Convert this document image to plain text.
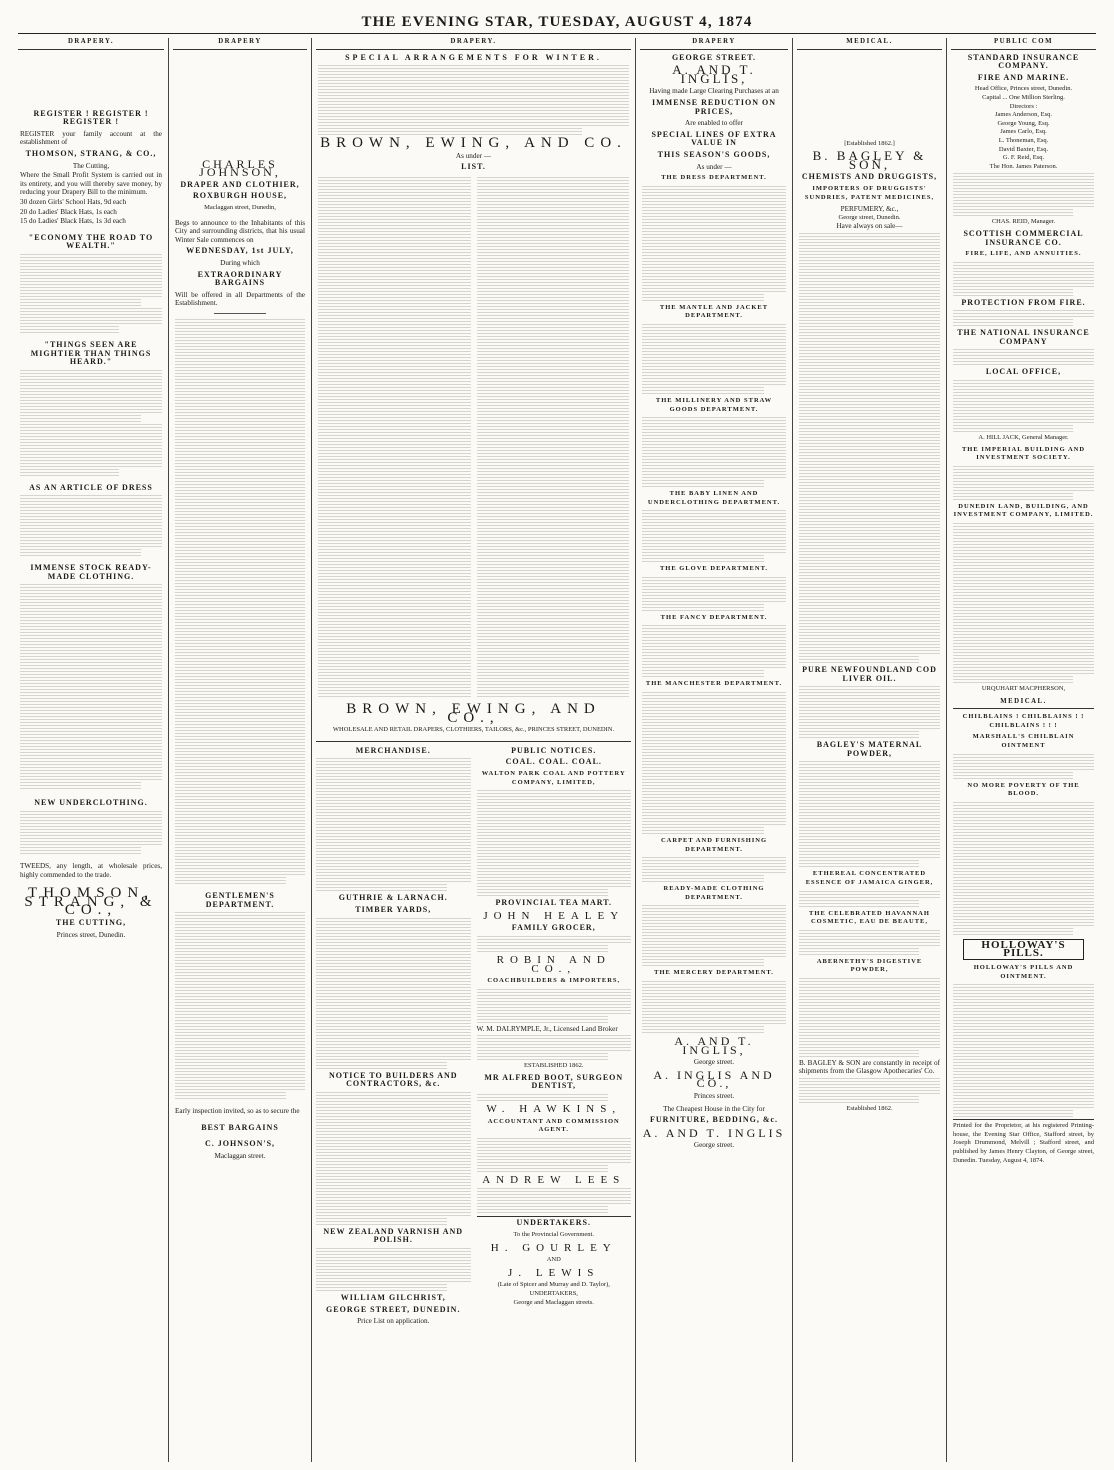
THE EVENING STAR, TUESDAY, AUGUST 4, 1874
DRAPERY.
REGISTER ! REGISTER ! REGISTER !
REGISTER your family account at the establishment of
THOMSON, STRANG, & CO.,
The Cutting,
Where the Small Profit System is carried out in its entirety, and you will thereby save money, by reducing your Drapery Bill to the minimum.
30 dozen Girls' School Hats, 9d each
20 do Ladies' Black Hats, 1s each
15 do Ladies' Black Hats, 1s 3d each
"ECONOMY THE ROAD TO WEALTH."
"THINGS SEEN ARE MIGHTIER THAN THINGS HEARD."
AS AN ARTICLE OF DRESS
IMMENSE STOCK READY-MADE CLOTHING.
NEW UNDERCLOTHING.
TWEEDS, any length, at wholesale prices, highly commended to the trade.
THOMSON, STRANG, & CO.,
THE CUTTING,
Princes street, Dunedin.
DRAPERY
CHARLES JOHNSON,
DRAPER AND CLOTHIER,
ROXBURGH HOUSE,
Maclaggan street, Dunedin,
Begs to announce to the Inhabitants of this City and surrounding districts, that his usual Winter Sale commences on
WEDNESDAY, 1st JULY,
During which
EXTRAORDINARY BARGAINS
Will be offered in all Departments of the Establishment.
GENTLEMEN'S DEPARTMENT.
Early inspection invited, so as to secure the
BEST BARGAINS
C. JOHNSON'S,
Maclaggan street.
DRAPERY.
SPECIAL ARRANGEMENTS FOR WINTER.
BROWN, EWING, AND CO.
As under —
LIST.
BROWN, EWING, AND CO.,
WHOLESALE AND RETAIL DRAPERS, CLOTHIERS, TAILORS, &c., PRINCES STREET, DUNEDIN.
MERCHANDISE.
GUTHRIE & LARNACH.
TIMBER YARDS,
NOTICE TO BUILDERS AND CONTRACTORS, &c.
NEW ZEALAND VARNISH AND POLISH.
WILLIAM GILCHRIST,
GEORGE STREET, DUNEDIN.
Price List on application.
PUBLIC NOTICES.
COAL. COAL. COAL.
WALTON PARK COAL AND POTTERY COMPANY, LIMITED,
PROVINCIAL TEA MART.
JOHN HEALEY
FAMILY GROCER,
ROBIN AND CO.,
COACHBUILDERS & IMPORTERS,
W. M. DALRYMPLE, Jr., Licensed Land Broker
ESTABLISHED 1862.
MR ALFRED BOOT, SURGEON DENTIST,
W. HAWKINS,
ACCOUNTANT AND COMMISSION AGENT.
ANDREW LEES
UNDERTAKERS.
To the Provincial Government.
H. GOURLEY
AND
J. LEWIS
(Late of Spicer and Murray and D. Taylor), UNDERTAKERS,
George and Maclaggan streets.
DRAPERY
GEORGE STREET.
A. AND T. INGLIS,
Having made Large Clearing Purchases at an
IMMENSE REDUCTION ON PRICES,
Are enabled to offer
SPECIAL LINES OF EXTRA VALUE IN
THIS SEASON'S GOODS,
As under —
THE DRESS DEPARTMENT.
THE MANTLE AND JACKET DEPARTMENT.
THE MILLINERY AND STRAW GOODS DEPARTMENT.
THE BABY LINEN AND UNDERCLOTHING DEPARTMENT.
THE GLOVE DEPARTMENT.
THE FANCY DEPARTMENT.
THE MANCHESTER DEPARTMENT.
CARPET AND FURNISHING DEPARTMENT.
READY-MADE CLOTHING DEPARTMENT.
THE MERCERY DEPARTMENT.
A. AND T. INGLIS,
George street.
A. INGLIS AND CO.,
Princes street.
The Cheapest House in the City for
FURNITURE, BEDDING, &c.
A. AND T. INGLIS
George street.
MEDICAL.
[Established 1862.]
B. BAGLEY & SON,
CHEMISTS AND DRUGGISTS,
IMPORTERS OF DRUGGISTS' SUNDRIES, PATENT MEDICINES,
PERFUMERY, &c.,
George street, Dunedin.
Have always on sale—
PURE NEWFOUNDLAND COD LIVER OIL.
BAGLEY'S MATERNAL POWDER,
ETHEREAL CONCENTRATED ESSENCE OF JAMAICA GINGER,
THE CELEBRATED HAVANNAH COSMETIC, EAU DE BEAUTE,
ABERNETHY'S DIGESTIVE POWDER,
B. BAGLEY & SON are constantly in receipt of shipments from the Glasgow Apothecaries' Co.
Established 1862.
PUBLIC COM
STANDARD INSURANCE COMPANY.
FIRE AND MARINE.
Head Office, Princes street, Dunedin.
Capital ... One Million Sterling.
Directors :
James Anderson, Esq.
George Young, Esq.
James Carlo, Esq.
L. Thoneman, Esq.
David Baxter, Esq.
G. F. Reid, Esq.
The Hon. James Paterson.
CHAS. REID, Manager.
SCOTTISH COMMERCIAL INSURANCE CO.
FIRE, LIFE, AND ANNUITIES.
PROTECTION FROM FIRE.
THE NATIONAL INSURANCE COMPANY
LOCAL OFFICE,
A. HILL JACK, General Manager.
THE IMPERIAL BUILDING AND INVESTMENT SOCIETY.
DUNEDIN LAND, BUILDING, AND INVESTMENT COMPANY, LIMITED.
URQUHART MACPHERSON,
MEDICAL.
CHILBLAINS ! CHILBLAINS ! ! CHILBLAINS ! ! !
MARSHALL'S CHILBLAIN OINTMENT
NO MORE POVERTY OF THE BLOOD.
HOLLOWAY'S PILLS.
HOLLOWAY'S PILLS AND OINTMENT.
Printed for the Proprietor, at his registered Printing-house, the Evening Star Office, Stafford street, by Joseph Drummond, Melvill ; Stafford street, and published by James Henry Clayton, of George street, Dunedin. Tuesday, August 4, 1874.
